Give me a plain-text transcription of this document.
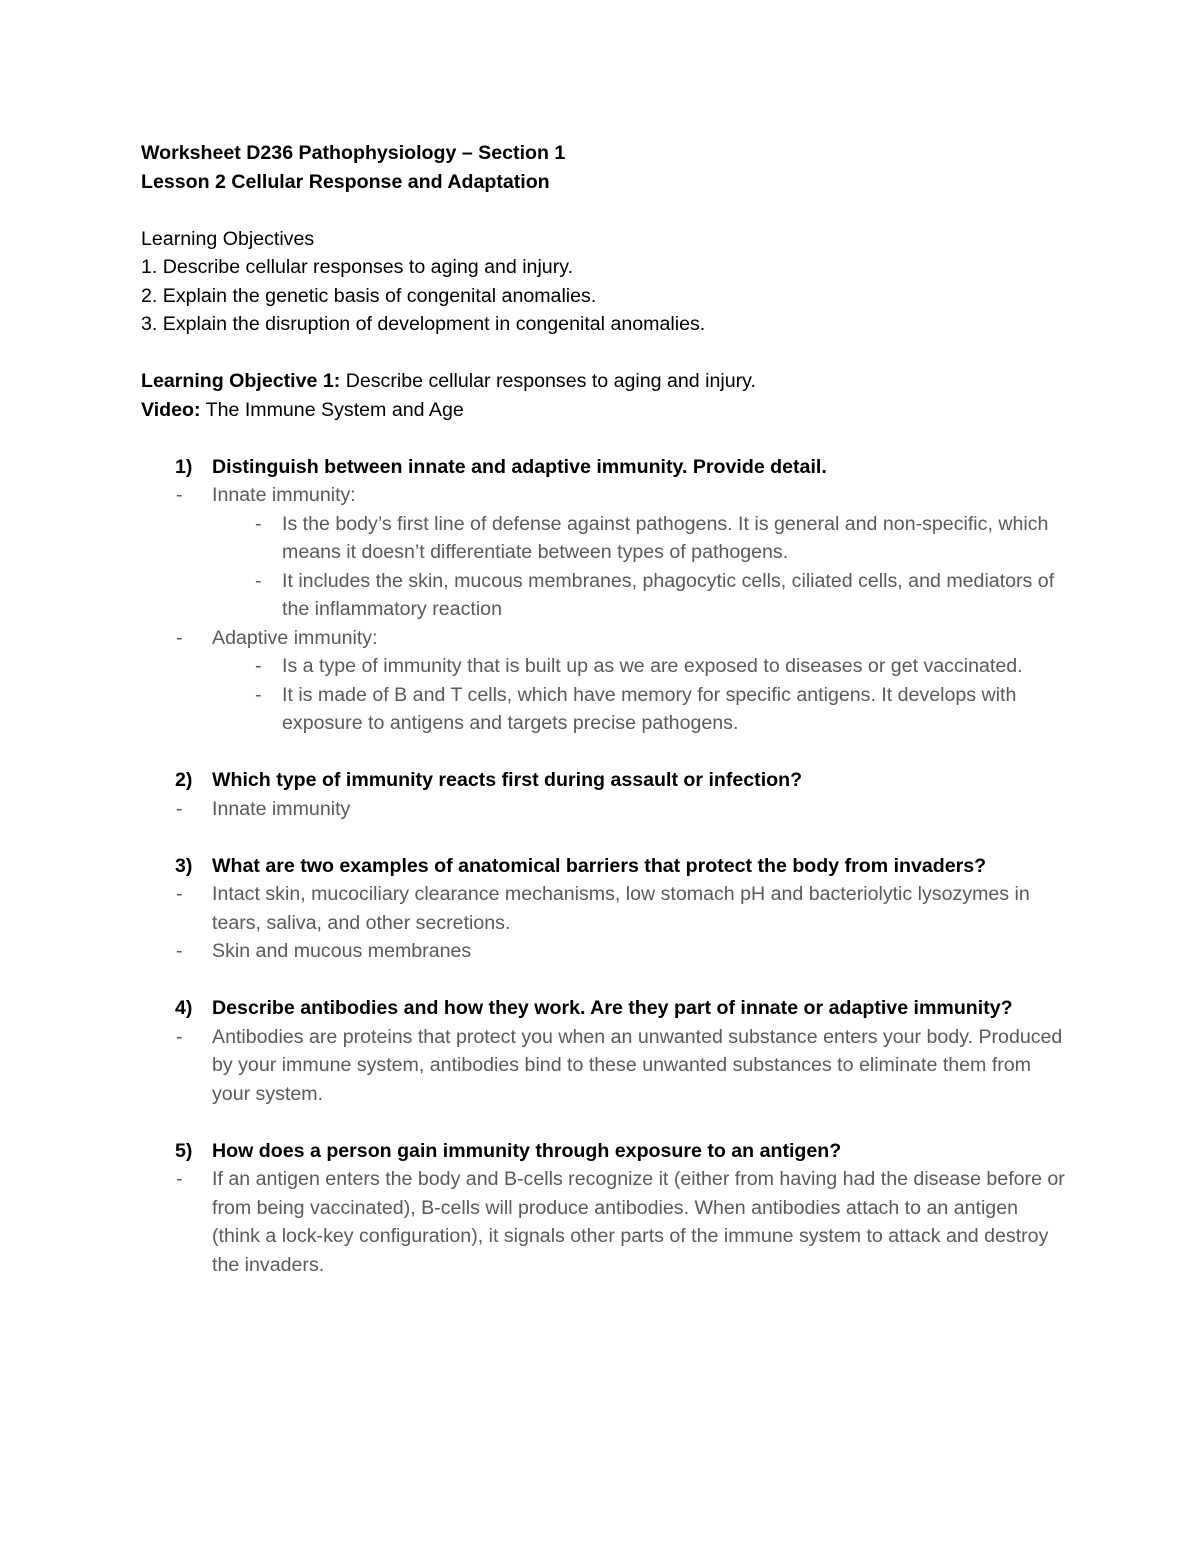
Worksheet D236 Pathophysiology – Section 1
Lesson 2 Cellular Response and Adaptation
Learning Objectives
1. Describe cellular responses to aging and injury.
2. Explain the genetic basis of congenital anomalies.
3. Explain the disruption of development in congenital anomalies.
Learning Objective 1: Describe cellular responses to aging and injury.
Video: The Immune System and Age
1) Distinguish between innate and adaptive immunity. Provide detail.
- Innate immunity:
- Is the body’s first line of defense against pathogens. It is general and non-specific, which means it doesn’t differentiate between types of pathogens.
- It includes the skin, mucous membranes, phagocytic cells, ciliated cells, and mediators of the inflammatory reaction
- Adaptive immunity:
- Is a type of immunity that is built up as we are exposed to diseases or get vaccinated.
- It is made of B and T cells, which have memory for specific antigens. It develops with exposure to antigens and targets precise pathogens.
2) Which type of immunity reacts first during assault or infection?
- Innate immunity
3) What are two examples of anatomical barriers that protect the body from invaders?
- Intact skin, mucociliary clearance mechanisms, low stomach pH and bacteriolytic lysozymes in tears, saliva, and other secretions.
- Skin and mucous membranes
4) Describe antibodies and how they work. Are they part of innate or adaptive immunity?
- Antibodies are proteins that protect you when an unwanted substance enters your body. Produced by your immune system, antibodies bind to these unwanted substances to eliminate them from your system.
5) How does a person gain immunity through exposure to an antigen?
- If an antigen enters the body and B-cells recognize it (either from having had the disease before or from being vaccinated), B-cells will produce antibodies. When antibodies attach to an antigen (think a lock-key configuration), it signals other parts of the immune system to attack and destroy the invaders.
